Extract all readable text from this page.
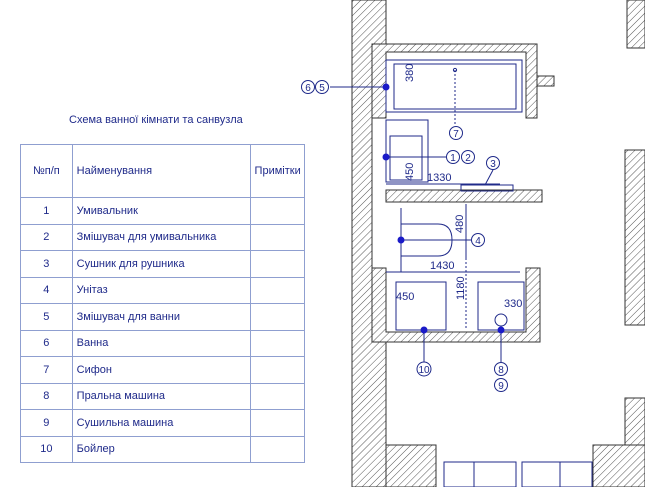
Схема ванної кімнати та санвузла
№п/п	Найменування	Примітки
1	Умивальник	
2	Змішувач для умивальника	
3	Сушник для рушника	
4	Унітаз	
5	Змішувач для ванни	
6	Ванна	
7	Сифон	
8	Пральна машина	
9	Сушильна машина	
10	Бойлер	
6 5
7
1 2
3
4
10	8
9
380
450 1330
480
1430
1180
450
330
